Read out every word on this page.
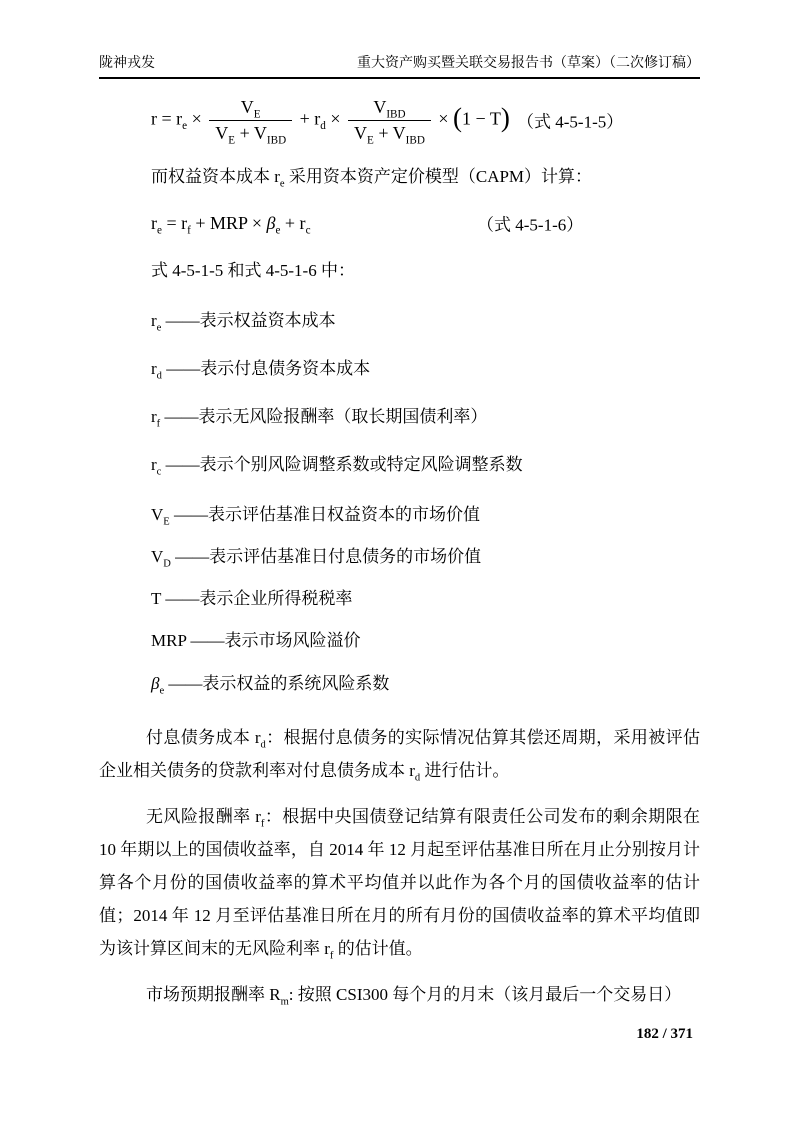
陇神戎发	重大资产购买暨关联交易报告书（草案）（二次修订稿）
$r = r_e \times \frac{V_E}{V_E + V_{IBD}} + r_d \times \frac{V_{IBD}}{V_E + V_{IBD}} \times (1 - T)$ （式 4-5-1-5）
而权益资本成本 $r_e$ 采用资本资产定价模型（CAPM）计算：
$r_e = r_f$ + MRP × $\beta_e + r_c$	（式 4-5-1-6）
式 4-5-1-5 和式 4-5-1-6 中：
$r_e$ ——表示权益资本成本
$r_d$ ——表示付息债务资本成本
$r_f$ ——表示无风险报酬率（取长期国债利率）
$r_c$ ——表示个别风险调整系数或特定风险调整系数
$V_E$ ——表示评估基准日权益资本的市场价值
$V_D$ ——表示评估基准日付息债务的市场价值
T ——表示企业所得税税率
MRP ——表示市场风险溢价
$\beta_e$ ——表示权益的系统风险系数

付息债务成本 $r_d$：根据付息债务的实际情况估算其偿还周期，采用被评估企业相关债务的贷款利率对付息债务成本 $r_d$ 进行估计。

无风险报酬率 $r_f$：根据中央国债登记结算有限责任公司发布的剩余期限在 10 年期以上的国债收益率，自 2014 年 12 月起至评估基准日所在月止分别按月计算各个月份的国债收益率的算术平均值并以此作为各个月的国债收益率的估计值；2014 年 12 月至评估基准日所在月的所有月份的国债收益率的算术平均值即为该计算区间末的无风险利率 $r_f$ 的估计值。

市场预期报酬率 $R_m$: 按照 CSI300 每个月的月末（该月最后一个交易日）

182 / 371
